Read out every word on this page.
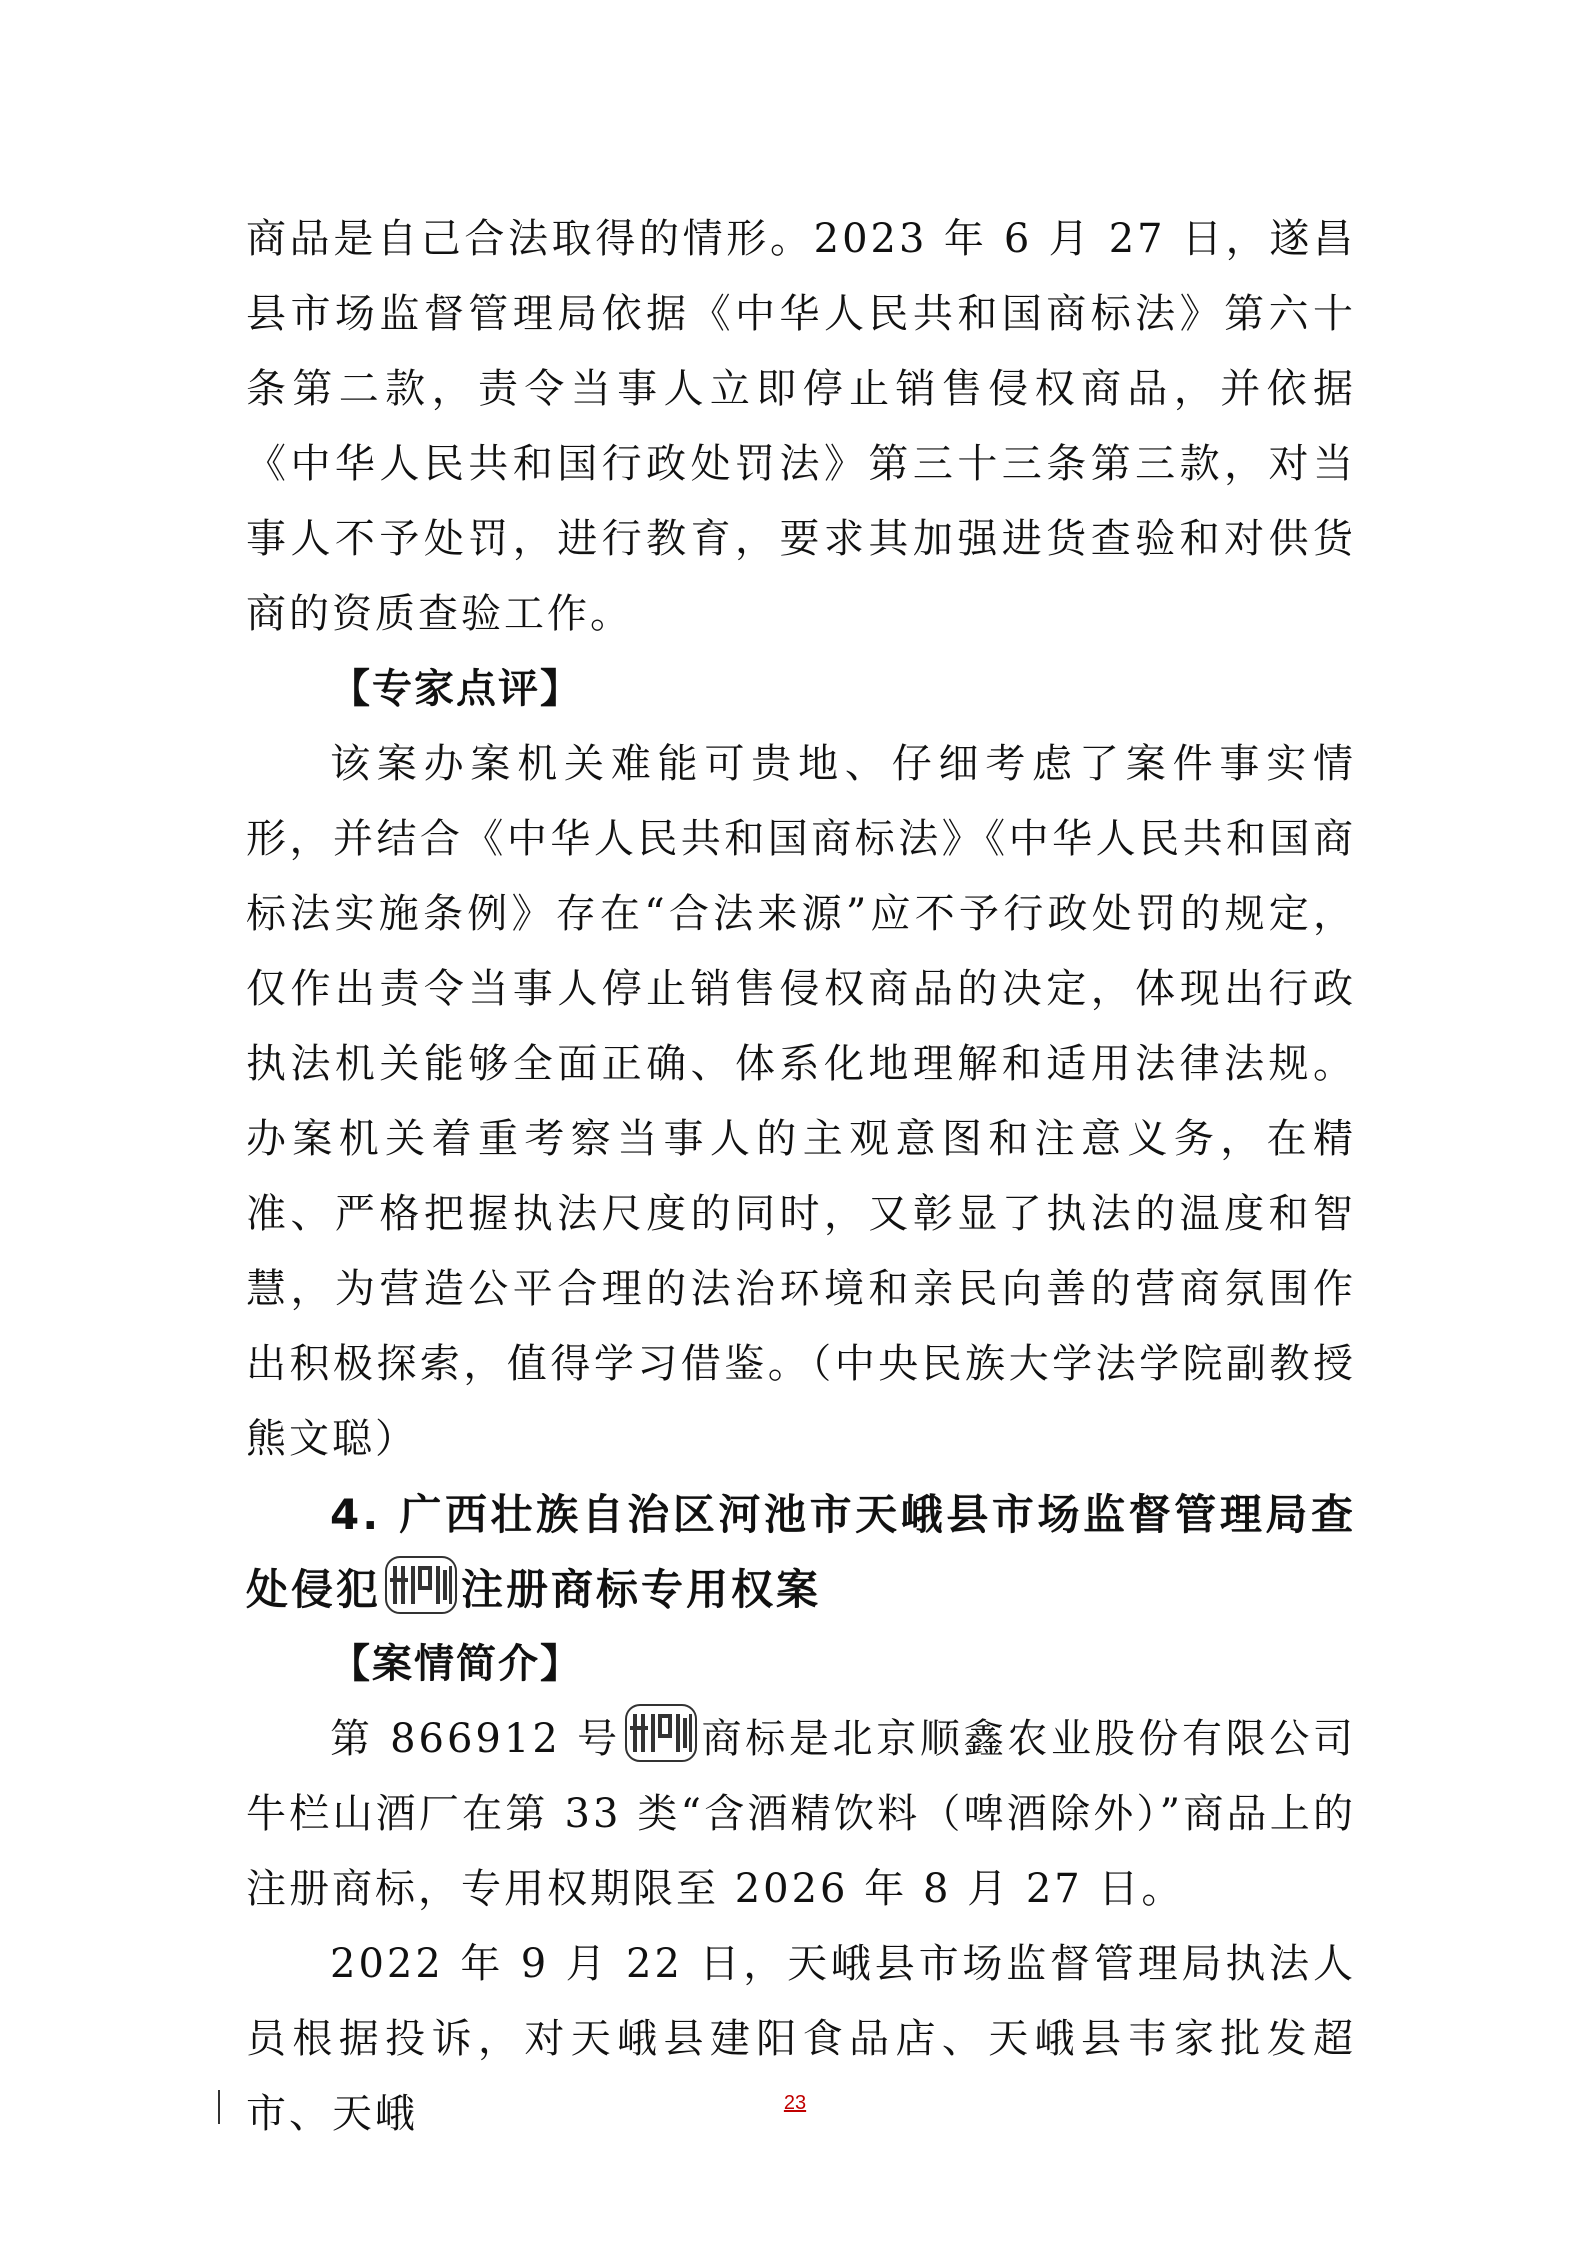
商品是自己合法取得的情形。2023 年 6 月 27 日，遂昌县市场监督管理局依据《中华人民共和国商标法》第六十条第二款，责令当事人立即停止销售侵权商品，并依据《中华人民共和国行政处罚法》第三十三条第三款，对当事人不予处罚，进行教育，要求其加强进货查验和对供货商的资质查验工作。

【专家点评】

该案办案机关难能可贵地、仔细考虑了案件事实情形，并结合《中华人民共和国商标法》《中华人民共和国商标法实施条例》存在“合法来源”应不予行政处罚的规定，仅作出责令当事人停止销售侵权商品的决定，体现出行政执法机关能够全面正确、体系化地理解和适用法律法规。办案机关着重考察当事人的主观意图和注意义务，在精准、严格把握执法尺度的同时，又彰显了执法的温度和智慧，为营造公平合理的法治环境和亲民向善的营商氛围作出积极探索，值得学习借鉴。（中央民族大学法学院副教授 熊文聪）

4. 广西壮族自治区河池市天峨县市场监督管理局查处侵犯 注册商标专用权案

【案情简介】

第 866912 号 商标是北京顺鑫农业股份有限公司牛栏山酒厂在第 33 类“含酒精饮料（啤酒除外）”商品上的注册商标，专用权期限至 2026 年 8 月 27 日。

2022 年 9 月 22 日，天峨县市场监督管理局执法人员根据投诉，对天峨县建阳食品店、天峨县韦家批发超市、天峨	23
